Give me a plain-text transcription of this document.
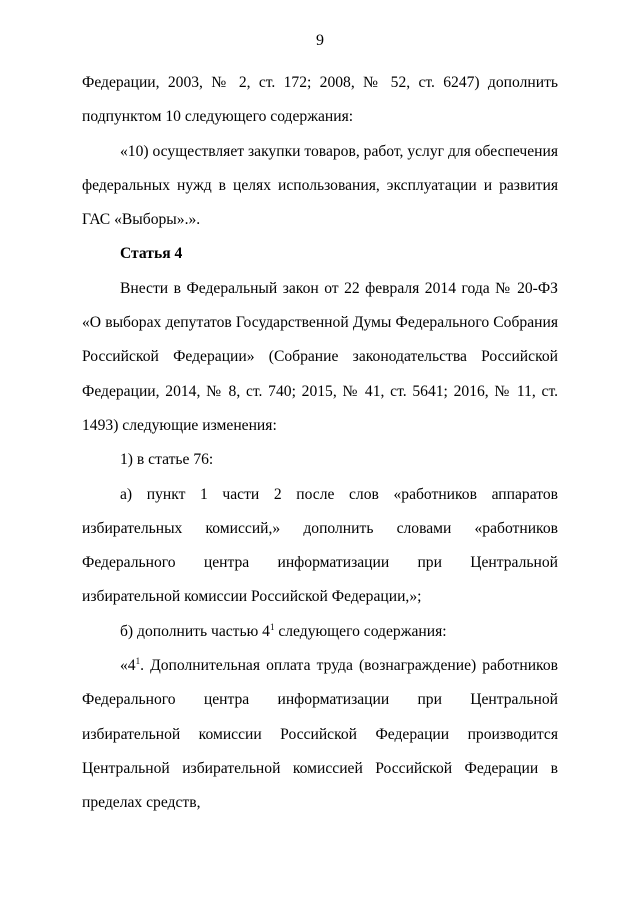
9

Федерации, 2003, № 2, ст. 172; 2008, № 52, ст. 6247) дополнить подпунктом 10 следующего содержания:

«10) осуществляет закупки товаров, работ, услуг для обеспечения федеральных нужд в целях использования, эксплуатации и развития ГАС «Выборы».».

Статья 4

Внести в Федеральный закон от 22 февраля 2014 года № 20-ФЗ «О выборах депутатов Государственной Думы Федерального Собрания Российской Федерации» (Собрание законодательства Российской Федерации, 2014, № 8, ст. 740; 2015, № 41, ст. 5641; 2016, № 11, ст. 1493) следующие изменения:

1) в статье 76:

а) пункт 1 части 2 после слов «работников аппаратов избирательных комиссий,» дополнить словами «работников Федерального центра информатизации при Центральной избирательной комиссии Российской Федерации,»;

б) дополнить частью $4^1$ следующего содержания:

«$4^1$. Дополнительная оплата труда (вознаграждение) работников Федерального центра информатизации при Центральной избирательной комиссии Российской Федерации производится Центральной избирательной комиссией Российской Федерации в пределах средств,
